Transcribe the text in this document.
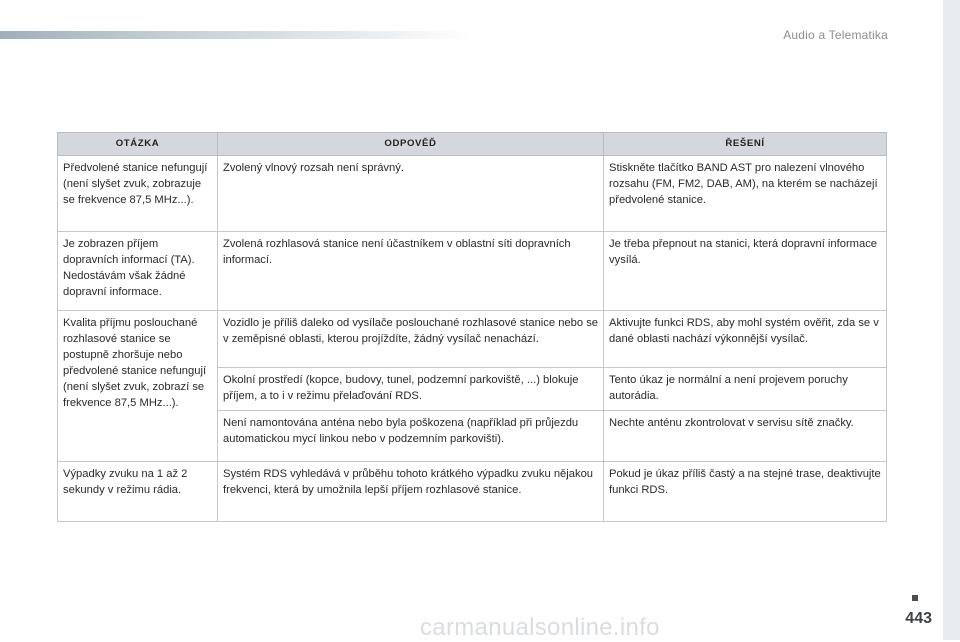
Audio a Telematika
OTÁZKA	ODPOVĚĎ	ŘEŠENÍ
Předvolené stanice nefungují (není slyšet zvuk, zobrazuje se frekvence 87,5 MHz...).	Zvolený vlnový rozsah není správný.	Stiskněte tlačítko BAND AST pro nalezení vlnového rozsahu (FM, FM2, DAB, AM), na kterém se nacházejí předvolené stanice.
Je zobrazen příjem dopravních informací (TA). Nedostávám však žádné dopravní informace.	Zvolená rozhlasová stanice není účastníkem v oblastní síti dopravních informací.	Je třeba přepnout na stanici, která dopravní informace vysílá.
Kvalita příjmu poslouchané rozhlasové stanice se postupně zhoršuje nebo předvolené stanice nefungují (není slyšet zvuk, zobrazí se frekvence 87,5 MHz...).	Vozidlo je příliš daleko od vysílače poslouchané rozhlasové stanice nebo se v zeměpisné oblasti, kterou projíždíte, žádný vysílač nenachází.	Aktivujte funkci RDS, aby mohl systém ověřit, zda se v dané oblasti nachází výkonnější vysílač.
	Okolní prostředí (kopce, budovy, tunel, podzemní parkoviště, ...) blokuje příjem, a to i v režimu přelaďování RDS.	Tento úkaz je normální a není projevem poruchy autorádia.
	Není namontována anténa nebo byla poškozena (například při průjezdu automatickou mycí linkou nebo v podzemním parkovišti).	Nechte anténu zkontrolovat v servisu sítě značky.
Výpadky zvuku na 1 až 2 sekundy v režimu rádia.	Systém RDS vyhledává v průběhu tohoto krátkého výpadku zvuku nějakou frekvenci, která by umožnila lepší příjem rozhlasové stanice.	Pokud je úkaz příliš častý a na stejné trase, deaktivujte funkci RDS.
443
carmanualsonline.info
